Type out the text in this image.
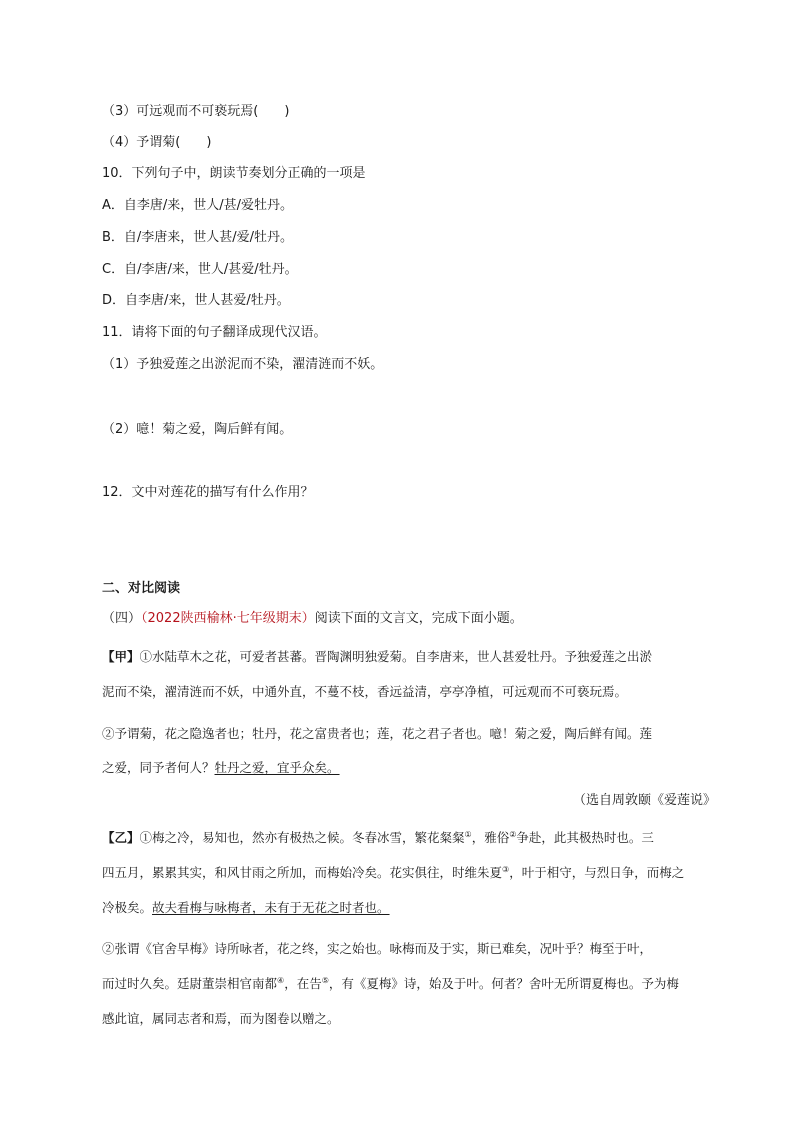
（3）可远观而不可亵玩焉(　　)
（4）予谓菊(　　)
10．下列句子中，朗读节奏划分正确的一项是
A．自李唐/来，世人/甚/爱牡丹。
B．自/李唐来，世人甚/爱/牡丹。
C．自/李唐/来，世人/甚爱/牡丹。
D．自李唐/来，世人甚爱/牡丹。
11．请将下面的句子翻译成现代汉语。
（1）予独爱莲之出淤泥而不染，濯清涟而不妖。
（2）噫！菊之爱，陶后鲜有闻。
12．文中对莲花的描写有什么作用？
二、对比阅读
（四）（2022陕西榆林·七年级期末）阅读下面的文言文，完成下面小题。
【甲】①水陆草木之花，可爱者甚蕃。晋陶渊明独爱菊。自李唐来，世人甚爱牡丹。予独爱莲之出淤
泥而不染，濯清涟而不妖，中通外直，不蔓不枝，香远益清，亭亭净植，可远观而不可亵玩焉。
②予谓菊，花之隐逸者也；牡丹，花之富贵者也；莲，花之君子者也。噫！菊之爱，陶后鲜有闻。莲
之爱，同予者何人？牡丹之爱，宜乎众矣。
（选自周敦颐《爱莲说》
【乙】①梅之冷，易知也，然亦有极热之候。冬春冰雪，繁花粲粲①，雅俗②争赴，此其极热时也。三
四五月，累累其实，和风甘雨之所加，而梅始冷矣。花实俱往，时维朱夏③，叶于相守，与烈日争，而梅之
冷极矣。故夫看梅与咏梅者，未有于无花之时者也。
②张谓《官舍早梅》诗所咏者，花之终，实之始也。咏梅而及于实，斯已难矣，况叶乎？梅至于叶，
而过时久矣。廷尉董崇相官南都④，在告⑤，有《夏梅》诗，始及于叶。何者？舍叶无所谓夏梅也。予为梅
感此谊，属同志者和焉，而为图卷以赠之。
